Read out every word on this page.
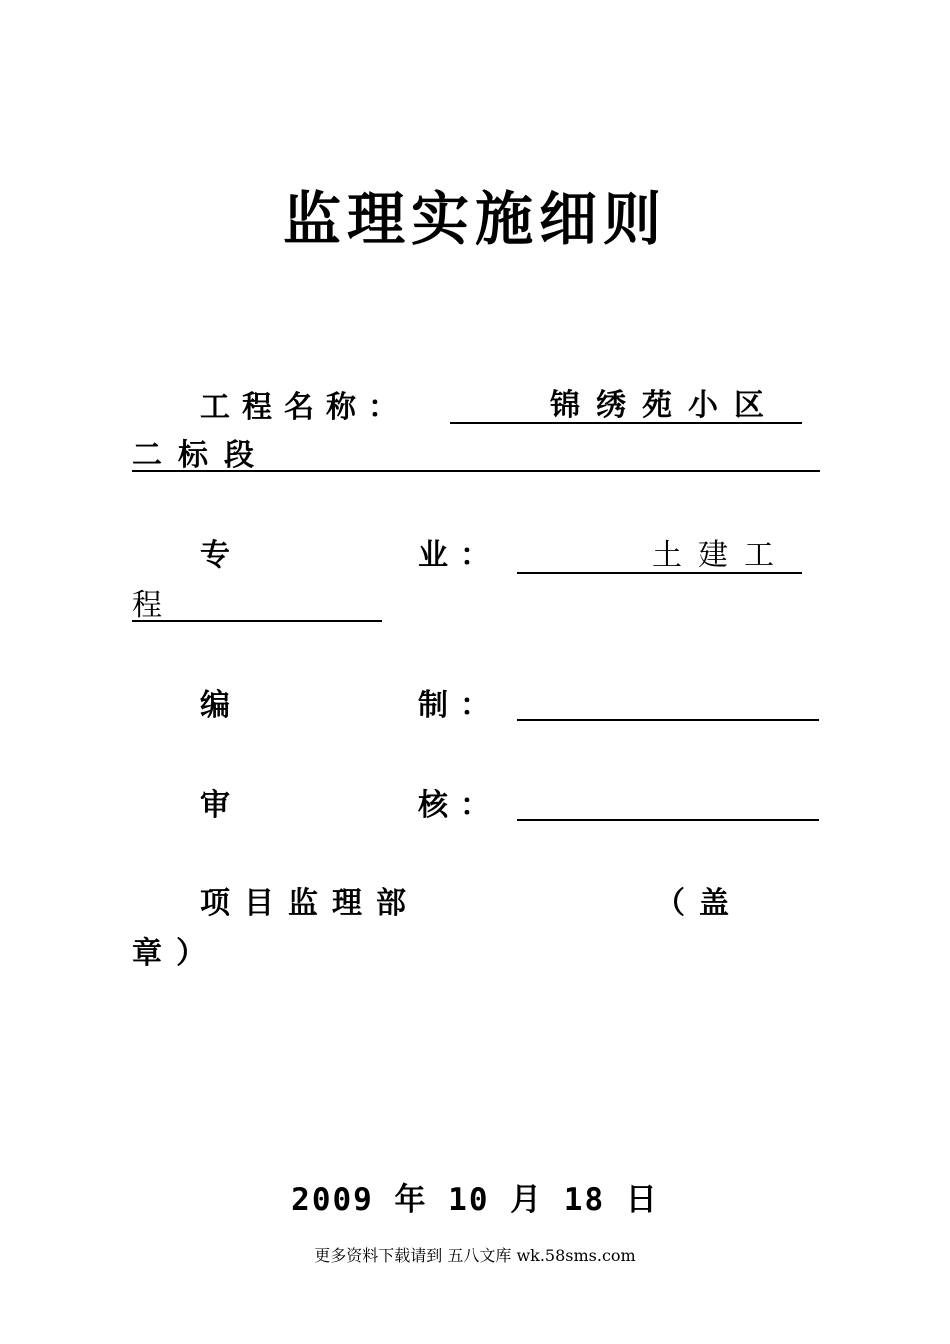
监理实施细则
工程名称：	锦绣苑小区
二标段
专	业：	土建工
程
编	制：
审	核：
项目监理部	（盖
章）
2009 年 10 月 18 日
更多资料下载请到 五八文库 wk.58sms.com
